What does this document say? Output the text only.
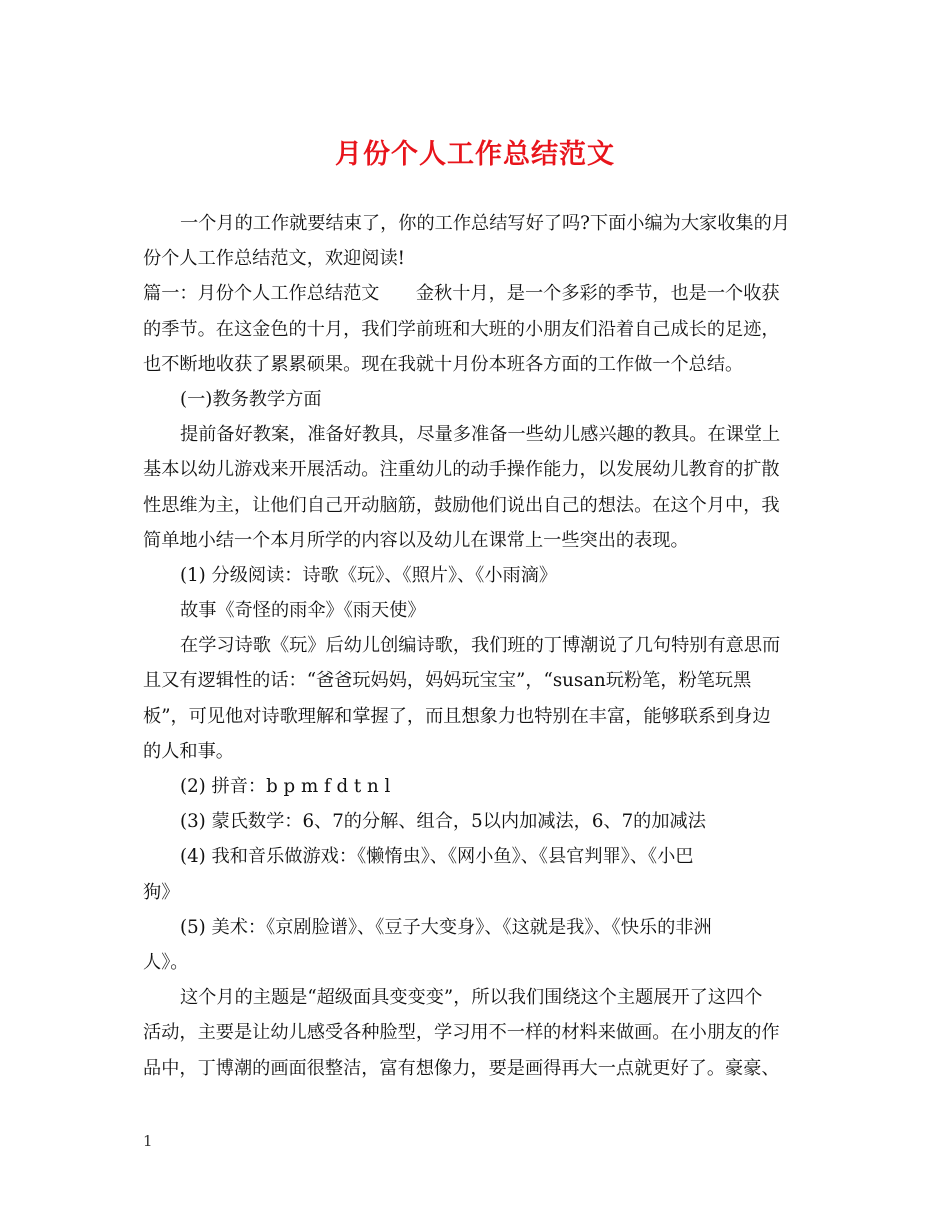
月份个人工作总结范文
一个月的工作就要结束了，你的工作总结写好了吗?下面小编为大家收集的月
份个人工作总结范文，欢迎阅读!
篇一：月份个人工作总结范文　　金秋十月，是一个多彩的季节，也是一个收获
的季节。在这金色的十月，我们学前班和大班的小朋友们沿着自己成长的足迹，
也不断地收获了累累硕果。现在我就十月份本班各方面的工作做一个总结。
(一)教务教学方面
提前备好教案，准备好教具，尽量多准备一些幼儿感兴趣的教具。在课堂上
基本以幼儿游戏来开展活动。注重幼儿的动手操作能力，以发展幼儿教育的扩散
性思维为主，让他们自己开动脑筋，鼓励他们说出自己的想法。在这个月中，我
简单地小结一个本月所学的内容以及幼儿在课常上一些突出的表现。
(1) 分级阅读：诗歌《玩》、《照片》、《小雨滴》
故事《奇怪的雨伞》《雨天使》
在学习诗歌《玩》后幼儿创编诗歌，我们班的丁博潮说了几句特别有意思而
且又有逻辑性的话：“爸爸玩妈妈，妈妈玩宝宝”，“susan玩粉笔，粉笔玩黑
板”，可见他对诗歌理解和掌握了，而且想象力也特别在丰富，能够联系到身边
的人和事。
(2) 拼音：b p m f d t n l
(3) 蒙氏数学：6、7的分解、组合，5以内加减法，6、7的加减法
(4) 我和音乐做游戏：《懒惰虫》、《网小鱼》、《县官判罪》、《小巴
狗》
(5) 美术：《京剧脸谱》、《豆子大变身》、《这就是我》、《快乐的非洲
人》。
这个月的主题是“超级面具变变变”，所以我们围绕这个主题展开了这四个
活动，主要是让幼儿感受各种脸型，学习用不一样的材料来做画。在小朋友的作
品中，丁博潮的画面很整洁，富有想像力，要是画得再大一点就更好了。豪豪、
1
